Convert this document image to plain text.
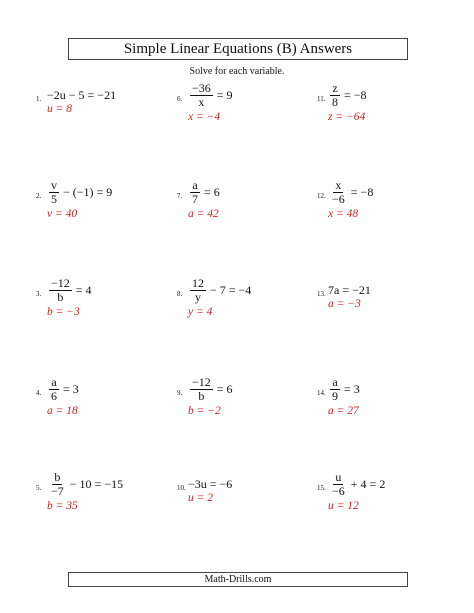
Simple Linear Equations (B) Answers
Solve for each variable.
1. −2u − 5 = −21
u = 8
2. $\frac{v}{5} - (-1) = 9$
v = 40
3. $\frac{-12}{b} = 4$
b = −3
4. $\frac{a}{6} = 3$
a = 18
5. $\frac{b}{-7} - 10 = -15$
b = 35
6. $\frac{-36}{x} = 9$
x = −4
7. $\frac{a}{7} = 6$
a = 42
8. $\frac{12}{y} - 7 = -4$
y = 4
9. $\frac{-12}{b} = 6$
b = −2
10. −3u = −6
u = 2
11. $\frac{z}{8} = -8$
z = −64
12. $\frac{x}{-6} = -8$
x = 48
13. 7a = −21
a = −3
14. $\frac{a}{9} = 3$
a = 27
15. $\frac{u}{-6} + 4 = 2$
u = 12
Math-Drills.com
